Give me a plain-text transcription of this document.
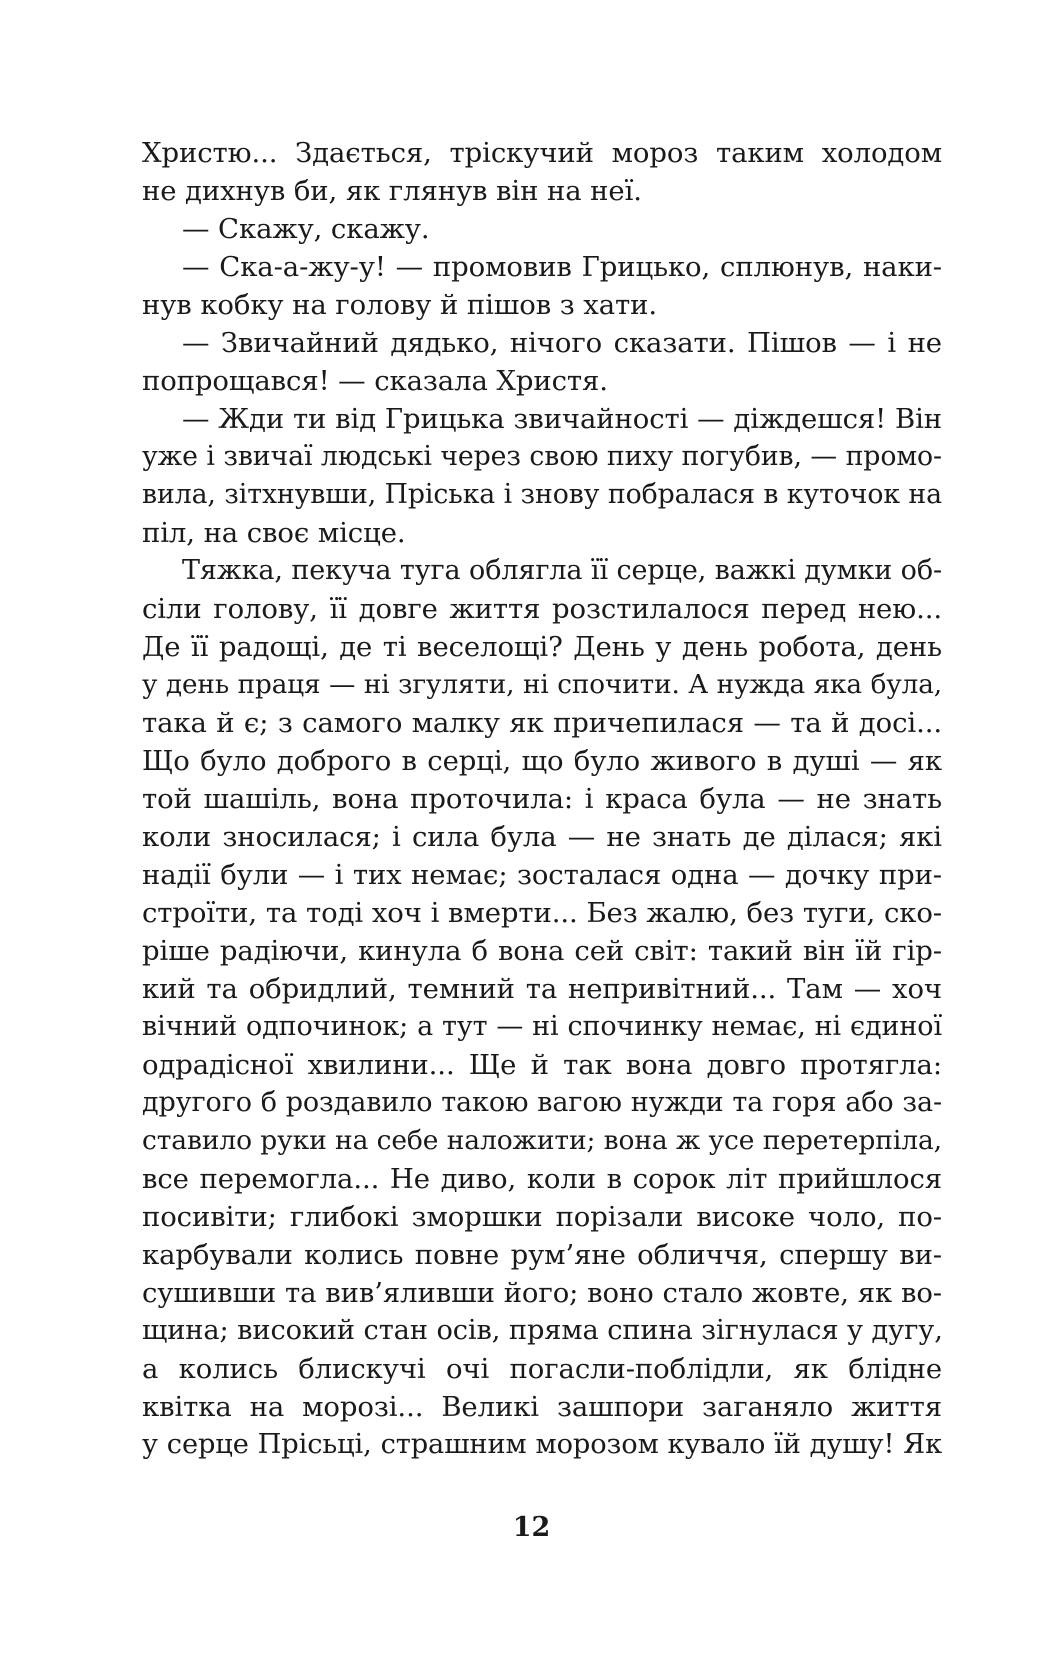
Христю... Здається, тріскучий мороз таким холодом
не дихнув би, як глянув він на неї.
— Скажу, скажу.
— Ска-а-жу-у! — промовив Грицько, сплюнув, наки-
нув кобку на голову й пішов з хати.
— Звичайний дядько, нічого сказати. Пішов — і не
попрощався! — сказала Христя.
— Жди ти від Грицька звичайності — діждешся! Він
уже і звичаї людські через свою пиху погубив, — промо-
вила, зітхнувши, Пріська і знову побралася в куточок на
піл, на своє місце.
Тяжка, пекуча туга облягла її серце, важкі думки об-
сіли голову, її довге життя розстилалося перед нею...
Де її радощі, де ті веселощі? День у день робота, день
у день праця — ні згуляти, ні спочити. А нужда яка була,
така й є; з самого малку як причепилася — та й досі...
Що було доброго в серці, що було живого в душі — як
той шашіль, вона проточила: і краса була — не знать
коли зносилася; і сила була — не знать де ділася; які
надії були — і тих немає; зосталася одна — дочку при-
строїти, та тоді хоч і вмерти... Без жалю, без туги, ско-
ріше радіючи, кинула б вона сей світ: такий він їй гір-
кий та обридлий, темний та непривітний... Там — хоч
вічний одпочинок; а тут — ні спочинку немає, ні єдиної
одрадісної хвилини... Ще й так вона довго протягла:
другого б роздавило такою вагою нужди та горя або за-
ставило руки на себе наложити; вона ж усе перетерпіла,
все перемогла... Не диво, коли в сорок літ прийшлося
посивіти; глибокі зморшки порізали високе чоло, по-
карбували колись повне рум’яне обличчя, спершу ви-
сушивши та вив’яливши його; воно стало жовте, як во-
щина; високий стан осів, пряма спина зігнулася у дугу,
а колись блискучі очі погасли-поблідли, як блідне
квітка на морозі... Великі зашпори заганяло життя
у серце Прісьці, страшним морозом кувало їй душу! Як
12
